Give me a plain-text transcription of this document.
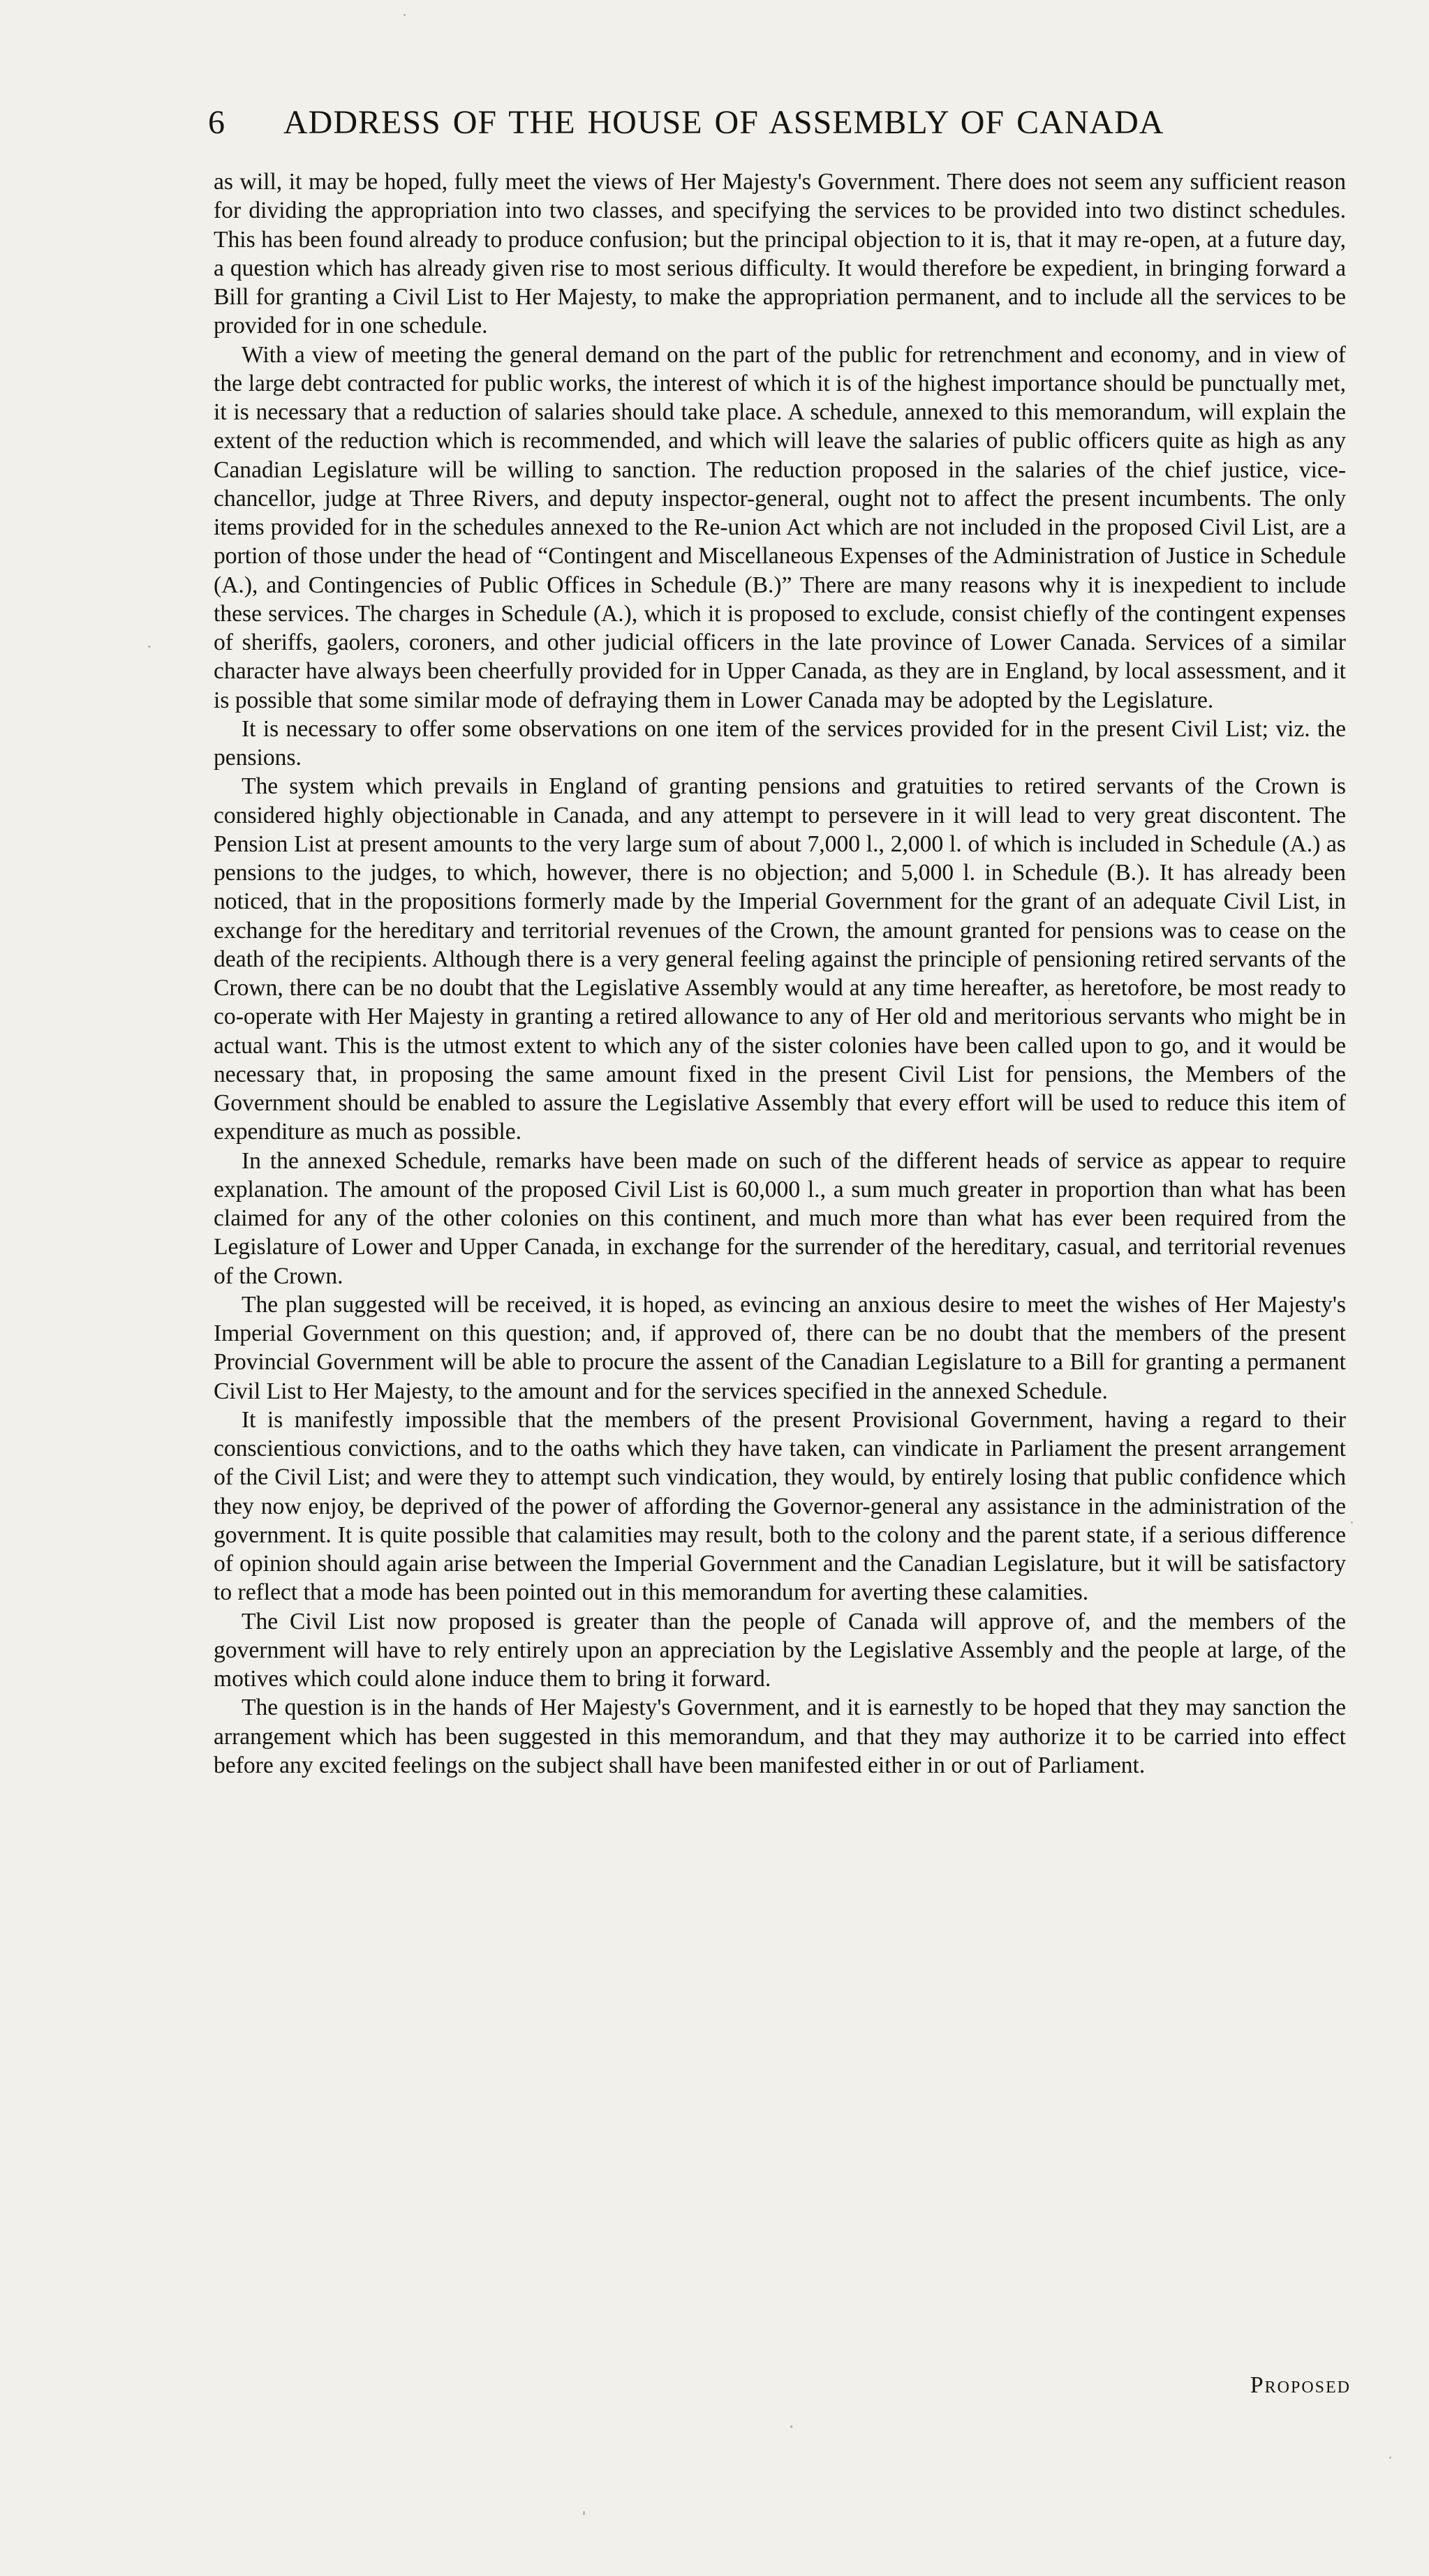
6 ADDRESS OF THE HOUSE OF ASSEMBLY OF CANADA

as will, it may be hoped, fully meet the views of Her Majesty's Government. There does not seem any sufficient reason for dividing the appropriation into two classes, and specifying the services to be provided into two distinct schedules. This has been found already to produce confusion; but the principal objection to it is, that it may re-open, at a future day, a question which has already given rise to most serious difficulty. It would therefore be expedient, in bringing forward a Bill for granting a Civil List to Her Majesty, to make the appropriation permanent, and to include all the services to be provided for in one schedule.

With a view of meeting the general demand on the part of the public for retrenchment and economy, and in view of the large debt contracted for public works, the interest of which it is of the highest importance should be punctually met, it is necessary that a reduction of salaries should take place. A schedule, annexed to this memorandum, will explain the extent of the reduction which is recommended, and which will leave the salaries of public officers quite as high as any Canadian Legislature will be willing to sanction. The reduction proposed in the salaries of the chief justice, vice-chancellor, judge at Three Rivers, and deputy inspector-general, ought not to affect the present incumbents. The only items provided for in the schedules annexed to the Re-union Act which are not included in the proposed Civil List, are a portion of those under the head of “Contingent and Miscellaneous Expenses of the Administration of Justice in Schedule (A.), and Contingencies of Public Offices in Schedule (B.)” There are many reasons why it is inexpedient to include these services. The charges in Schedule (A.), which it is proposed to exclude, consist chiefly of the contingent expenses of sheriffs, gaolers, coroners, and other judicial officers in the late province of Lower Canada. Services of a similar character have always been cheerfully provided for in Upper Canada, as they are in England, by local assessment, and it is possible that some similar mode of defraying them in Lower Canada may be adopted by the Legislature.

It is necessary to offer some observations on one item of the services provided for in the present Civil List; viz. the pensions.

The system which prevails in England of granting pensions and gratuities to retired servants of the Crown is considered highly objectionable in Canada, and any attempt to persevere in it will lead to very great discontent. The Pension List at present amounts to the very large sum of about 7,000 l., 2,000 l. of which is included in Schedule (A.) as pensions to the judges, to which, however, there is no objection; and 5,000 l. in Schedule (B.). It has already been noticed, that in the propositions formerly made by the Imperial Government for the grant of an adequate Civil List, in exchange for the hereditary and territorial revenues of the Crown, the amount granted for pensions was to cease on the death of the recipients. Although there is a very general feeling against the principle of pensioning retired servants of the Crown, there can be no doubt that the Legislative Assembly would at any time hereafter, as heretofore, be most ready to co-operate with Her Majesty in granting a retired allowance to any of Her old and meritorious servants who might be in actual want. This is the utmost extent to which any of the sister colonies have been called upon to go, and it would be necessary that, in proposing the same amount fixed in the present Civil List for pensions, the Members of the Government should be enabled to assure the Legislative Assembly that every effort will be used to reduce this item of expenditure as much as possible.

In the annexed Schedule, remarks have been made on such of the different heads of service as appear to require explanation. The amount of the proposed Civil List is 60,000 l., a sum much greater in proportion than what has been claimed for any of the other colonies on this continent, and much more than what has ever been required from the Legislature of Lower and Upper Canada, in exchange for the surrender of the hereditary, casual, and territorial revenues of the Crown.

The plan suggested will be received, it is hoped, as evincing an anxious desire to meet the wishes of Her Majesty's Imperial Government on this question; and, if approved of, there can be no doubt that the members of the present Provincial Government will be able to procure the assent of the Canadian Legislature to a Bill for granting a permanent Civil List to Her Majesty, to the amount and for the services specified in the annexed Schedule.

It is manifestly impossible that the members of the present Provisional Government, having a regard to their conscientious convictions, and to the oaths which they have taken, can vindicate in Parliament the present arrangement of the Civil List; and were they to attempt such vindication, they would, by entirely losing that public confidence which they now enjoy, be deprived of the power of affording the Governor-general any assistance in the administration of the government. It is quite possible that calamities may result, both to the colony and the parent state, if a serious difference of opinion should again arise between the Imperial Government and the Canadian Legislature, but it will be satisfactory to reflect that a mode has been pointed out in this memorandum for averting these calamities.

The Civil List now proposed is greater than the people of Canada will approve of, and the members of the government will have to rely entirely upon an appreciation by the Legislative Assembly and the people at large, of the motives which could alone induce them to bring it forward.

The question is in the hands of Her Majesty's Government, and it is earnestly to be hoped that they may sanction the arrangement which has been suggested in this memorandum, and that they may authorize it to be carried into effect before any excited feelings on the subject shall have been manifested either in or out of Parliament.

Proposed
